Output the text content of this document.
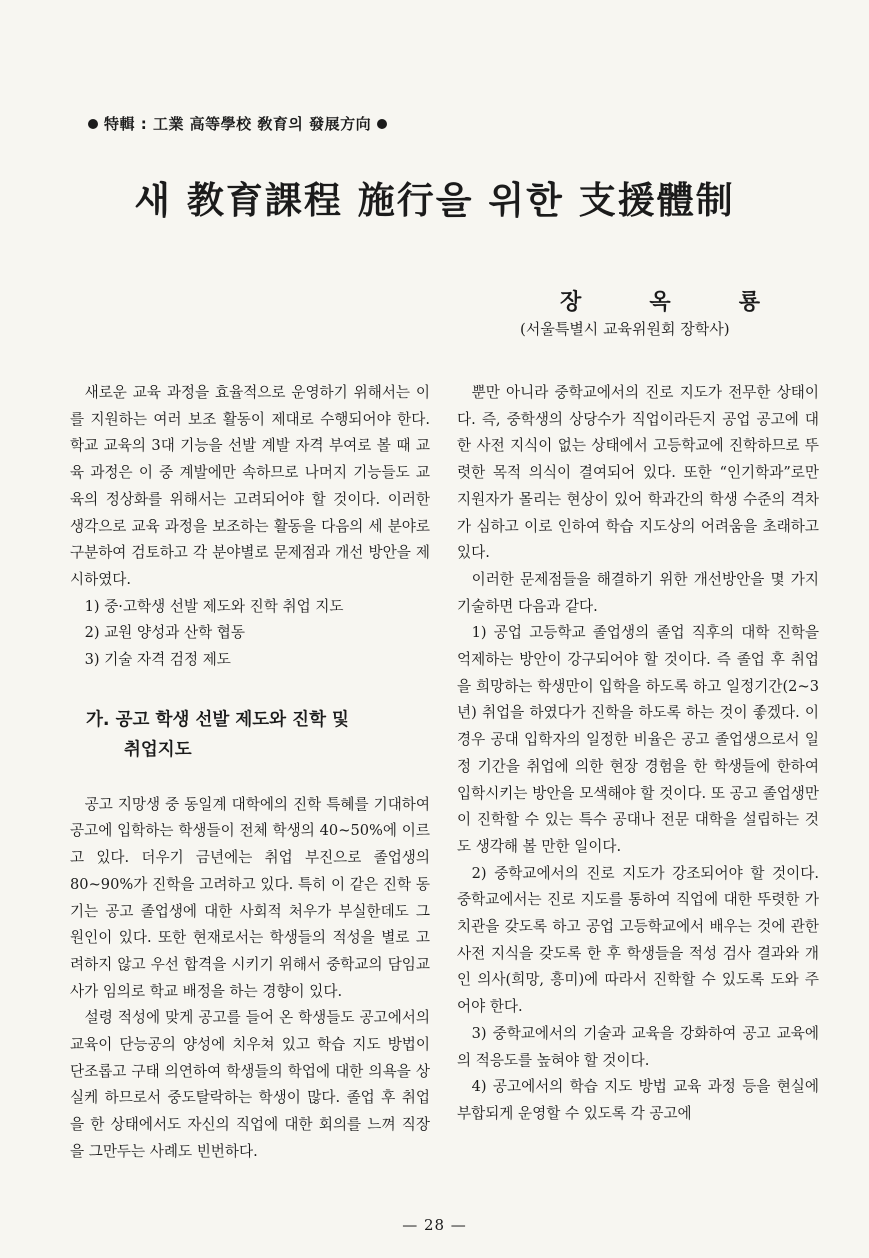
特輯 : 工業 高等學校 敎育의 發展方向
새 教育課程 施行을 위한 支援體制
장	옥	룡
(서울특별시 교육위원회 장학사)

새로운 교육 과정을 효율적으로 운영하기 위해서는 이를 지원하는 여러 보조 활동이 제대로 수행되어야 한다. 학교 교육의 3대 기능을 선발 계발 자격 부여로 볼 때 교육 과정은 이 중 계발에만 속하므로 나머지 기능들도 교육의 정상화를 위해서는 고려되어야 할 것이다. 이러한 생각으로 교육 과정을 보조하는 활동을 다음의 세 분야로 구분하여 검토하고 각 분야별로 문제점과 개선 방안을 제시하였다.

1) 중·고학생 선발 제도와 진학 취업 지도

2) 교원 양성과 산학 협동

3) 기술 자격 검정 제도

가. 공고 학생 선발 제도와 진학 및
취업지도

공고 지망생 중 동일계 대학에의 진학 특혜를 기대하여 공고에 입학하는 학생들이 전체 학생의 40~50%에 이르고 있다. 더우기 금년에는 취업 부진으로 졸업생의 80~90%가 진학을 고려하고 있다. 특히 이 같은 진학 동기는 공고 졸업생에 대한 사회적 처우가 부실한데도 그 원인이 있다. 또한 현재로서는 학생들의 적성을 별로 고려하지 않고 우선 합격을 시키기 위해서 중학교의 담임교사가 임의로 학교 배정을 하는 경향이 있다.

설령 적성에 맞게 공고를 들어 온 학생들도 공고에서의 교육이 단능공의 양성에 치우쳐 있고 학습 지도 방법이 단조롭고 구태 의연하여 학생들의 학업에 대한 의욕을 상실케 하므로서 중도탈락하는 학생이 많다. 졸업 후 취업을 한 상태에서도 자신의 직업에 대한 회의를 느껴 직장을 그만두는 사례도 빈번하다.

뿐만 아니라 중학교에서의 진로 지도가 전무한 상태이다. 즉, 중학생의 상당수가 직업이라든지 공업 공고에 대한 사전 지식이 없는 상태에서 고등학교에 진학하므로 뚜렷한 목적 의식이 결여되어 있다. 또한 “인기학과”로만 지원자가 몰리는 현상이 있어 학과간의 학생 수준의 격차가 심하고 이로 인하여 학습 지도상의 어려움을 초래하고 있다.

이러한 문제점들을 해결하기 위한 개선방안을 몇 가지 기술하면 다음과 같다.

1) 공업 고등학교 졸업생의 졸업 직후의 대학 진학을 억제하는 방안이 강구되어야 할 것이다. 즉 졸업 후 취업을 희망하는 학생만이 입학을 하도록 하고 일정기간(2~3년) 취업을 하였다가 진학을 하도록 하는 것이 좋겠다. 이 경우 공대 입학자의 일정한 비율은 공고 졸업생으로서 일정 기간을 취업에 의한 현장 경험을 한 학생들에 한하여 입학시키는 방안을 모색해야 할 것이다. 또 공고 졸업생만이 진학할 수 있는 특수 공대나 전문 대학을 설립하는 것도 생각해 볼 만한 일이다.

2) 중학교에서의 진로 지도가 강조되어야 할 것이다. 중학교에서는 진로 지도를 통하여 직업에 대한 뚜렷한 가치관을 갖도록 하고 공업 고등학교에서 배우는 것에 관한 사전 지식을 갖도록 한 후 학생들을 적성 검사 결과와 개인 의사(희망, 흥미)에 따라서 진학할 수 있도록 도와 주어야 한다.

3) 중학교에서의 기술과 교육을 강화하여 공고 교육에의 적응도를 높혀야 할 것이다.

4) 공고에서의 학습 지도 방법 교육 과정 등을 현실에 부합되게 운영할 수 있도록 각 공고에

— 28 —
